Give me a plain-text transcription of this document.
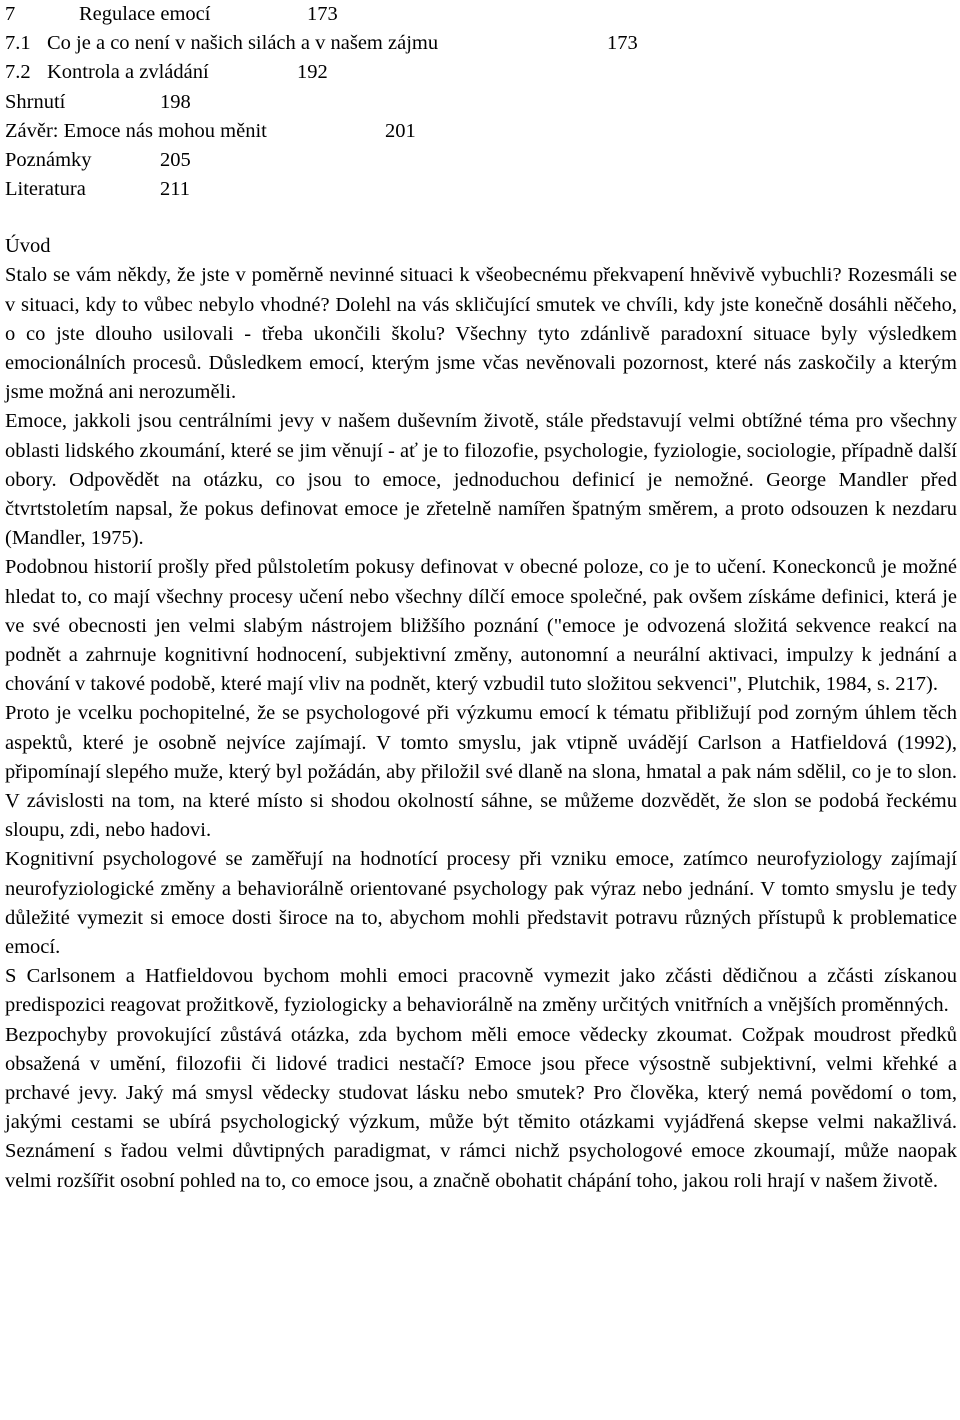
7	Regulace emocí	173
7.1 Co je a co není v našich silách a v našem zájmu	173
7.2 Kontrola a zvládání	192
Shrnutí	198
Závěr: Emoce nás mohou měnit	201
Poznámky	205
Literatura	211
Úvod

Stalo se vám někdy, že jste v poměrně nevinné situaci k všeobecnému překvapení hněvivě vybuchli? Rozesmáli se v situaci, kdy to vůbec nebylo vhodné? Dolehl na vás skličující smutek ve chvíli, kdy jste konečně dosáhli něčeho, o co jste dlouho usilovali - třeba ukončili školu? Všechny tyto zdánlivě paradoxní situace byly výsledkem emocionálních procesů. Důsledkem emocí, kterým jsme včas nevěnovali pozornost, které nás zaskočily a kterým jsme možná ani nerozuměli.

Emoce, jakkoli jsou centrálními jevy v našem duševním životě, stále představují velmi obtížné téma pro všechny oblasti lidského zkoumání, které se jim věnují - ať je to filozofie, psychologie, fyziologie, sociologie, případně další obory. Odpovědět na otázku, co jsou to emoce, jednoduchou definicí je nemožné. George Mandler před čtvrtstoletím napsal, že pokus definovat emoce je zřetelně namířen špatným směrem, a proto odsouzen k nezdaru (Mandler, 1975).

Podobnou historií prošly před půlstoletím pokusy definovat v obecné poloze, co je to učení. Koneckonců je možné hledat to, co mají všechny procesy učení nebo všechny dílčí emoce společné, pak ovšem získáme definici, která je ve své obecnosti jen velmi slabým nástrojem bližšího poznání ("emoce je odvozená složitá sekvence reakcí na podnět a zahrnuje kognitivní hodnocení, subjektivní změny, autonomní a neurální aktivaci, impulzy k jednání a chování v takové podobě, které mají vliv na podnět, který vzbudil tuto složitou sekvenci", Plutchik, 1984, s. 217).

Proto je vcelku pochopitelné, že se psychologové při výzkumu emocí k tématu přibližují pod zorným úhlem těch aspektů, které je osobně nejvíce zajímají. V tomto smyslu, jak vtipně uvádějí Carlson a Hatfieldová (1992), připomínají slepého muže, který byl požádán, aby přiložil své dlaně na slona, hmatal a pak nám sdělil, co je to slon. V závislosti na tom, na které místo si shodou okolností sáhne, se můžeme dozvědět, že slon se podobá řeckému sloupu, zdi, nebo hadovi.

Kognitivní psychologové se zaměřují na hodnotící procesy při vzniku emoce, zatímco neurofyziology zajímají neurofyziologické změny a behaviorálně orientované psychology pak výraz nebo jednání. V tomto smyslu je tedy důležité vymezit si emoce dosti široce na to, abychom mohli představit potravu různých přístupů k problematice emocí.

S Carlsonem a Hatfieldovou bychom mohli emoci pracovně vymezit jako zčásti dědičnou a zčásti získanou predispozici reagovat prožitkově, fyziologicky a behaviorálně na změny určitých vnitřních a vnějších proměnných.

Bezpochyby provokující zůstává otázka, zda bychom měli emoce vědecky zkoumat. Cožpak moudrost předků obsažená v umění, filozofii či lidové tradici nestačí? Emoce jsou přece výsostně subjektivní, velmi křehké a prchavé jevy. Jaký má smysl vědecky studovat lásku nebo smutek? Pro člověka, který nemá povědomí o tom, jakými cestami se ubírá psychologický výzkum, může být těmito otázkami vyjádřená skepse velmi nakažlivá. Seznámení s řadou velmi důvtipných paradigmat, v rámci nichž psychologové emoce zkoumají, může naopak velmi rozšířit osobní pohled na to, co emoce jsou, a značně obohatit chápání toho, jakou roli hrají v našem životě.
